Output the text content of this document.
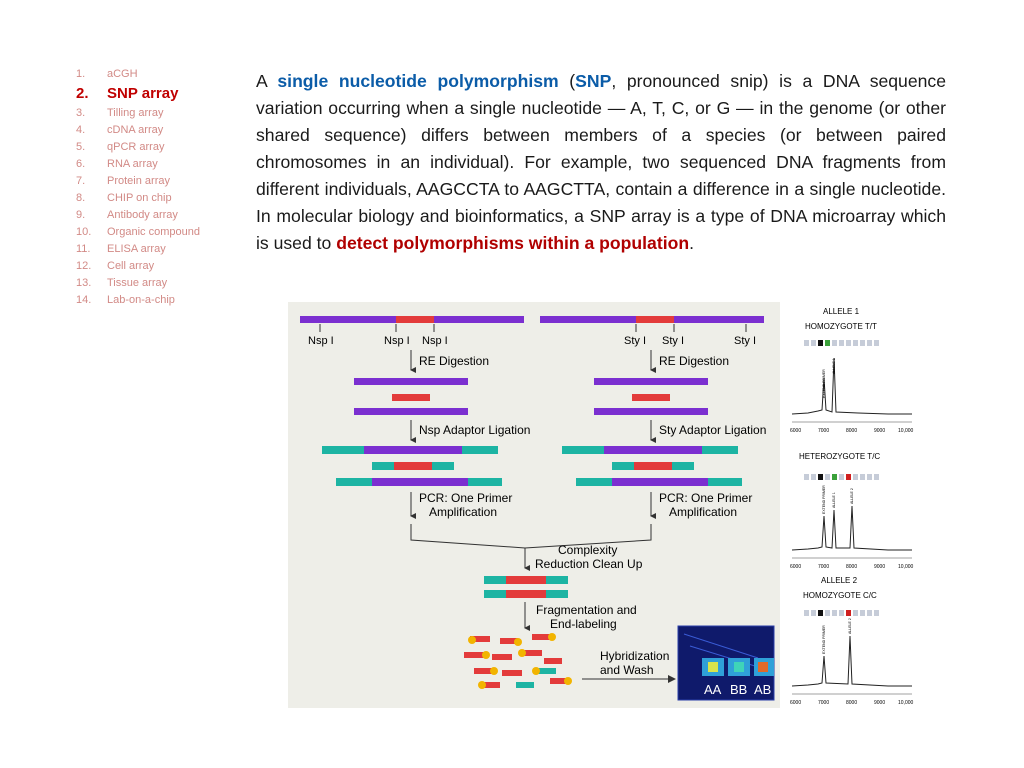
1.	aCGH
2.	SNP array
3.	Tilling array
4.	cDNA array
5.	qPCR array
6.	RNA array
7.	Protein array
8.	CHIP on chip
9.	Antibody array
10.	Organic compound
11.	ELISA array
12.	Cell array
13.	Tissue array
14.	Lab-on-a-chip

A single nucleotide polymorphism (SNP, pronounced snip) is a DNA sequence variation occurring when a single nucleotide — A, T, C, or G — in the genome (or other shared sequence) differs between members of a species (or between paired chromosomes in an individual). For example, two sequenced DNA fragments from different individuals, AAGCCTA to AAGCTTA, contain a difference in a single nucleotide. In molecular biology and bioinformatics, a SNP array is a type of DNA microarray which is used to detect polymorphisms within a population.

Nsp I	Nsp I Nsp I	Sty I Sty I	Sty I
RE Digestion	RE Digestion
Nsp Adaptor Ligation	Sty Adaptor Ligation
PCR: One Primer
Amplification
PCR: One Primer
Amplification
Complexity
Reduction Clean Up
Fragmentation and
End-labeling
Hybridization
and Wash
AA BB AB
ALLELE 1
HOMOZYGOTE T/T
6000	7000	8000	9000	10,000
HETEROZYGOTE T/C
6000	7000	8000	9000	10,000
ALLELE 2
HOMOZYGOTE C/C
6000	7000	8000	9000	10,000
EXTEND PRIMER
ALLELE 1
EXTEND PRIMER ALLELE 1	ALLELE 2
EXTEND PRIMER	ALLELE 2
